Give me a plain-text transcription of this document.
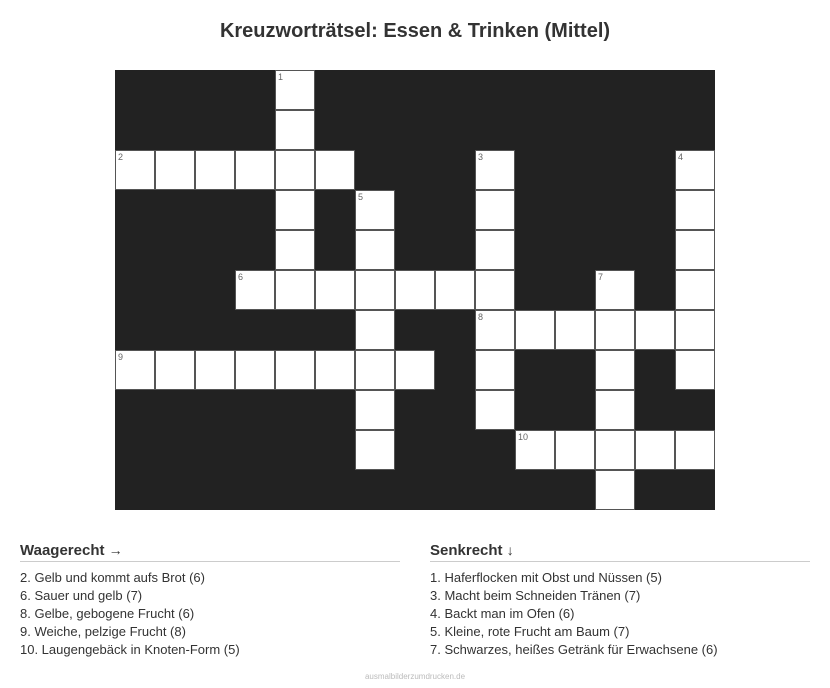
Kreuzworträtsel: Essen & Trinken (Mittel)
1
2	3	4
5
6	7
8
9
10
Waagerecht →
2. Gelb und kommt aufs Brot (6)
6. Sauer und gelb (7)
8. Gelbe, gebogene Frucht (6)
9. Weiche, pelzige Frucht (8)
10. Laugengebäck in Knoten-Form (5)
Senkrecht ↓
1. Haferflocken mit Obst und Nüssen (5)
3. Macht beim Schneiden Tränen (7)
4. Backt man im Ofen (6)
5. Kleine, rote Frucht am Baum (7)
7. Schwarzes, heißes Getränk für Erwachsene (6)
ausmalbilderzumdrucken.de
